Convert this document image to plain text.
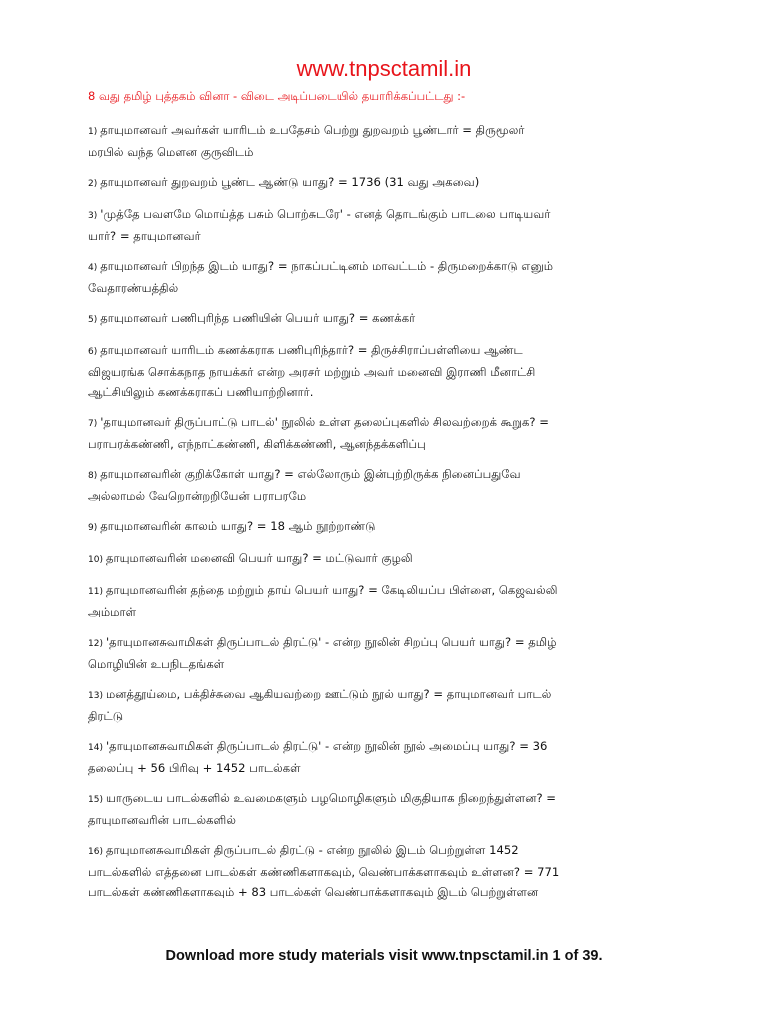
www.tnpsctamil.in
8 வது தமிழ் புத்தகம் வினா - விடை அடிப்படையில் தயாரிக்கப்பட்டது :-

1) தாயுமானவர் அவர்கள் யாரிடம் உபதேசம் பெற்று துறவறம் பூண்டார் = திருமூலர்
மரபில் வந்த மௌன குருவிடம்

2) தாயுமானவர் துறவறம் பூண்ட ஆண்டு யாது? = 1736 (31 வது அகவை)

3) 'முத்தே பவளமே மொய்த்த பசும் பொற்சுடரே' - எனத் தொடங்கும் பாடலை பாடியவர்
யார்? = தாயுமானவர்

4) தாயுமானவர் பிறந்த இடம் யாது? = நாகப்பட்டினம் மாவட்டம் - திருமறைக்காடு எனும்
வேதாரண்யத்தில்

5) தாயுமானவர் பணிபுரிந்த பணியின் பெயர் யாது? = கணக்கர்

6) தாயுமானவர் யாரிடம் கணக்கராக பணிபுரிந்தார்? = திருச்சிராப்பள்ளியை ஆண்ட
விஜயரங்க சொக்கநாத நாயக்கர் என்ற அரசர் மற்றும் அவர் மனைவி இராணி மீனாட்சி
ஆட்சியிலும் கணக்கராகப் பணியாற்றினார்.

7) 'தாயுமானவர் திருப்பாட்டு பாடல்' நூலில் உள்ள தலைப்புகளில் சிலவற்றைக் கூறுக? =
பராபரக்கண்ணி, எந்நாட்கண்ணி, கிளிக்கண்ணி, ஆனந்தக்களிப்பு

8) தாயுமானவரின் குறிக்கோள் யாது? = எல்லோரும் இன்புற்றிருக்க நினைப்பதுவே
அல்லாமல் வேறொன்றறியேன் பராபரமே

9) தாயுமானவரின் காலம் யாது? = 18 ஆம் நூற்றாண்டு

10) தாயுமானவரின் மனைவி பெயர் யாது? = மட்டுவார் குழலி

11) தாயுமானவரின் தந்தை மற்றும் தாய் பெயர் யாது? = கேடிலியப்ப பிள்ளை, கெஜவல்லி
அம்மாள்

12) 'தாயுமானசுவாமிகள் திருப்பாடல் திரட்டு' - என்ற நூலின் சிறப்பு பெயர் யாது? = தமிழ்
மொழியின் உபநிடதங்கள்

13) மனத்தூய்மை, பக்திச்சுவை ஆகியவற்றை ஊட்டும் நூல் யாது? = தாயுமானவர் பாடல்
திரட்டு

14) 'தாயுமானசுவாமிகள் திருப்பாடல் திரட்டு' - என்ற நூலின் நூல் அமைப்பு யாது? = 36
தலைப்பு + 56 பிரிவு + 1452 பாடல்கள்

15) யாருடைய பாடல்களில் உவமைகளும் பழமொழிகளும் மிகுதியாக நிறைந்துள்ளன? =
தாயுமானவரின் பாடல்களில்

16) தாயுமானசுவாமிகள் திருப்பாடல் திரட்டு - என்ற நூலில் இடம் பெற்றுள்ள 1452
பாடல்களில் எத்தனை பாடல்கள் கண்ணிகளாகவும், வெண்பாக்களாகவும் உள்ளன? = 771
பாடல்கள் கண்ணிகளாகவும் + 83 பாடல்கள் வெண்பாக்களாகவும் இடம் பெற்றுள்ளன

Download more study materials visit www.tnpsctamil.in 1 of 39.
